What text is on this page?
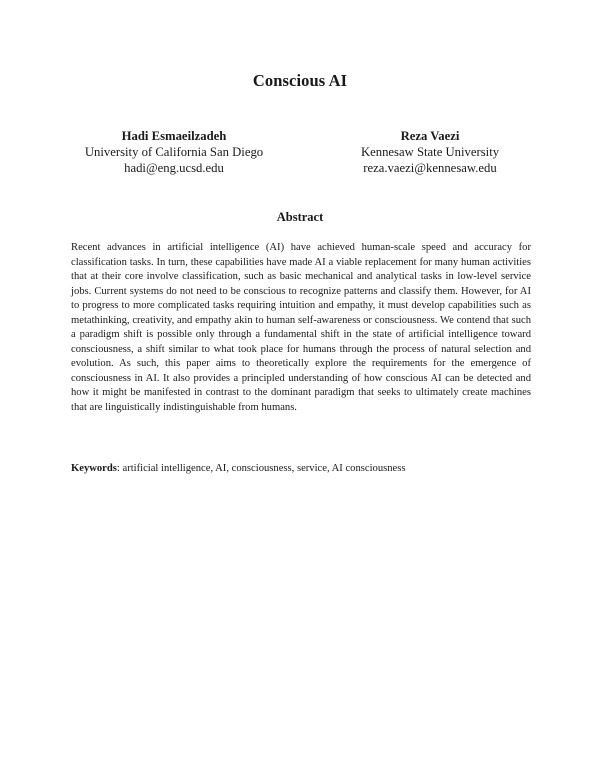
Conscious AI
Hadi Esmaeilzadeh
University of California San Diego
hadi@eng.ucsd.edu
Reza Vaezi
Kennesaw State University
reza.vaezi@kennesaw.edu
Abstract
Recent advances in artificial intelligence (AI) have achieved human-scale speed and accuracy for classification tasks. In turn, these capabilities have made AI a viable replacement for many human activities that at their core involve classification, such as basic mechanical and analytical tasks in low-level service jobs. Current systems do not need to be conscious to recognize patterns and classify them. However, for AI to progress to more complicated tasks requiring intuition and empathy, it must develop capabilities such as metathinking, creativity, and empathy akin to human self-awareness or consciousness. We contend that such a paradigm shift is possible only through a fundamental shift in the state of artificial intelligence toward consciousness, a shift similar to what took place for humans through the process of natural selection and evolution. As such, this paper aims to theoretically explore the requirements for the emergence of consciousness in AI. It also provides a principled understanding of how conscious AI can be detected and how it might be manifested in contrast to the dominant paradigm that seeks to ultimately create machines that are linguistically indistinguishable from humans.
Keywords: artificial intelligence, AI, consciousness, service, AI consciousness
